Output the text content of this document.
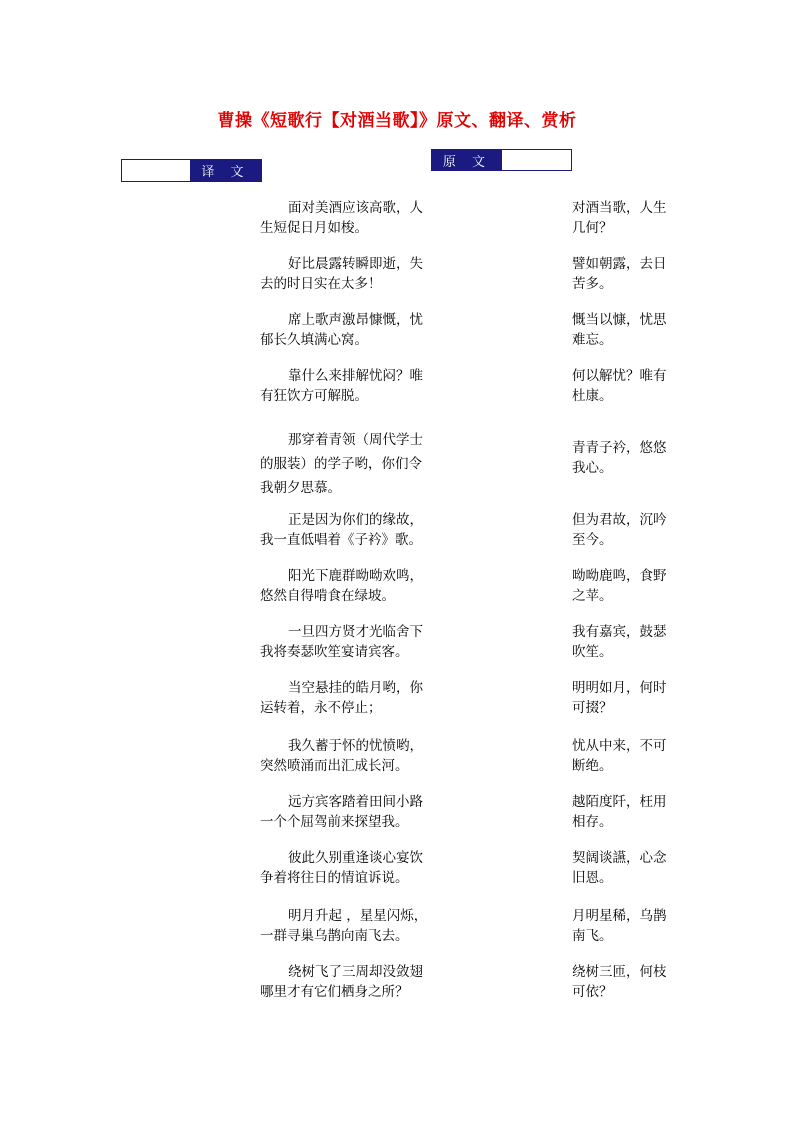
曹操《短歌行【对酒当歌】》原文、翻译、赏析
译 文
原 文
面对美酒应该高歌，人
生短促日月如梭。
好比晨露转瞬即逝，失
去的时日实在太多！
席上歌声激昂慷慨，忧
郁长久填满心窝。
靠什么来排解忧闷？唯
有狂饮方可解脱。
那穿着青领（周代学士
的服装）的学子哟，你们令
我朝夕思慕。
正是因为你们的缘故，
我一直低唱着《子衿》歌。
阳光下鹿群呦呦欢鸣，
悠然自得啃食在绿坡。
一旦四方贤才光临舍下
我将奏瑟吹笙宴请宾客。
当空悬挂的皓月哟，你
运转着，永不停止；
我久蓄于怀的忧愤哟，
突然喷涌而出汇成长河。
远方宾客踏着田间小路
一个个屈驾前来探望我。
彼此久别重逢谈心宴饮
争着将往日的情谊诉说。
明月升起 ，星星闪烁，
一群寻巢乌鹊向南飞去。
绕树飞了三周却没敛翅
哪里才有它们栖身之所？
对酒当歌，人生
几何？
譬如朝露，去日
苦多。
慨当以慷，忧思
难忘。
何以解忧？唯有
杜康。
青青子衿，悠悠
我心。
但为君故，沉吟
至今。
呦呦鹿鸣，食野
之苹。
我有嘉宾，鼓瑟
吹笙。
明明如月，何时
可掇？
忧从中来，不可
断绝。
越陌度阡，枉用
相存。
契阔谈讌，心念
旧恩。
月明星稀，乌鹊
南飞。
绕树三匝，何枝
可依？
